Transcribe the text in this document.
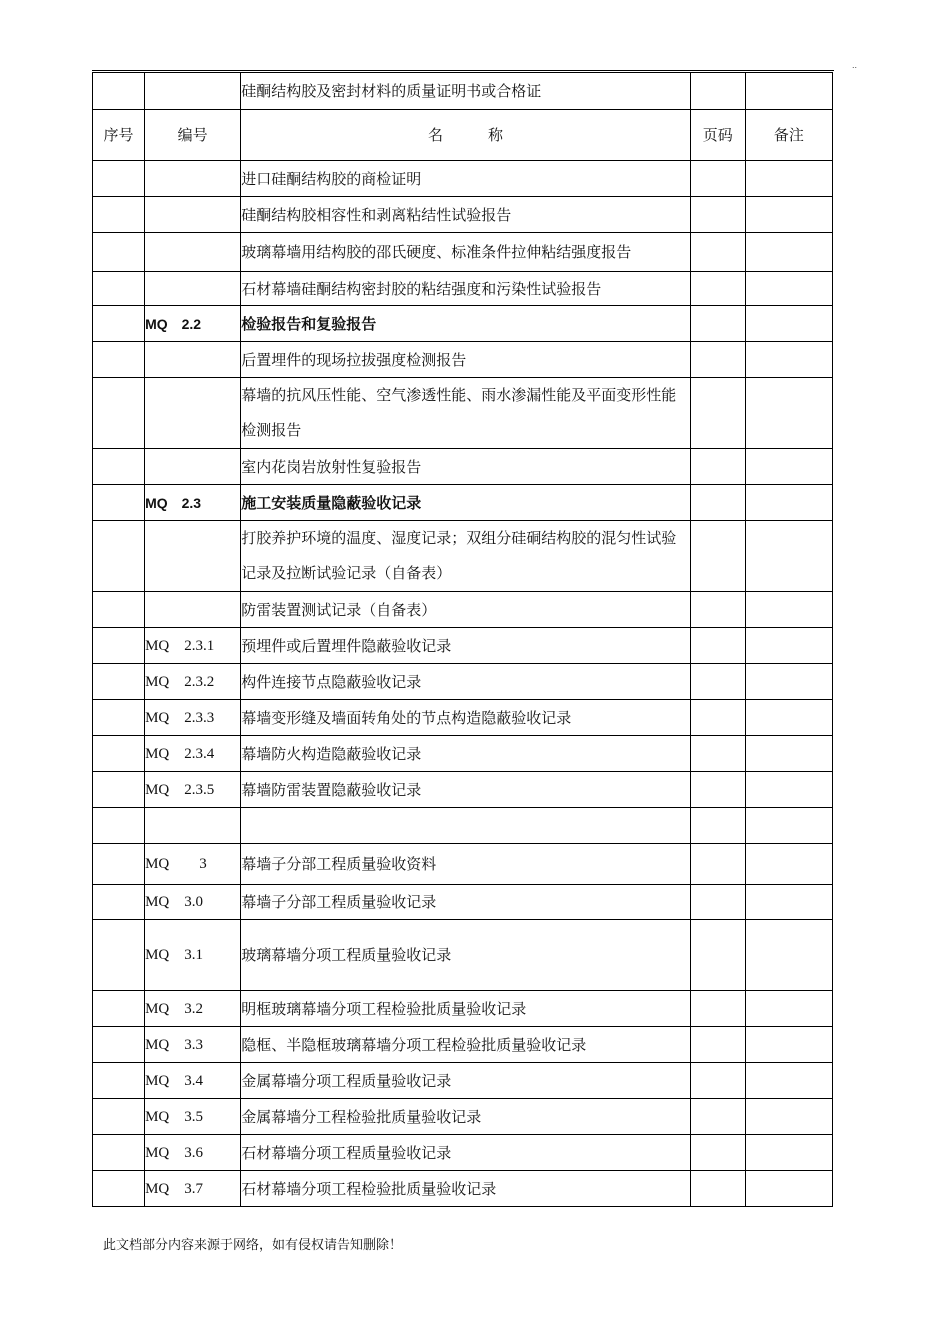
..
		硅酮结构胶及密封材料的质量证明书或合格证		
序号	编号	名　　　称	页码	备注
		进口硅酮结构胶的商检证明		
		硅酮结构胶相容性和剥离粘结性试验报告		
		玻璃幕墙用结构胶的邵氏硬度、标准条件拉伸粘结强度报告		
		石材幕墙硅酮结构密封胶的粘结强度和污染性试验报告		
	MQ　2.2	检验报告和复验报告		
		后置埋件的现场拉拔强度检测报告		
		幕墙的抗风压性能、空气渗透性能、雨水渗漏性能及平面变形性能检测报告		
		室内花岗岩放射性复验报告		
	MQ　2.3	施工安装质量隐蔽验收记录		
		打胶养护环境的温度、湿度记录；双组分硅硐结构胶的混匀性试验记录及拉断试验记录（自备表）		
		防雷装置测试记录（自备表）		
	MQ　2.3.1	预埋件或后置埋件隐蔽验收记录		
	MQ　2.3.2	构件连接节点隐蔽验收记录		
	MQ　2.3.3	幕墙变形缝及墙面转角处的节点构造隐蔽验收记录		
	MQ　2.3.4	幕墙防火构造隐蔽验收记录		
	MQ　2.3.5	幕墙防雷装置隐蔽验收记录		

	MQ　　3	幕墙子分部工程质量验收资料		
	MQ　3.0	幕墙子分部工程质量验收记录		
	MQ　3.1	玻璃幕墙分项工程质量验收记录		
	MQ　3.2	明框玻璃幕墙分项工程检验批质量验收记录		
	MQ　3.3	隐框、半隐框玻璃幕墙分项工程检验批质量验收记录		
	MQ　3.4	金属幕墙分项工程质量验收记录		
	MQ　3.5	金属幕墙分工程检验批质量验收记录		
	MQ　3.6	石材幕墙分项工程质量验收记录		
	MQ　3.7	石材幕墙分项工程检验批质量验收记录		
此文档部分内容来源于网络，如有侵权请告知删除！
